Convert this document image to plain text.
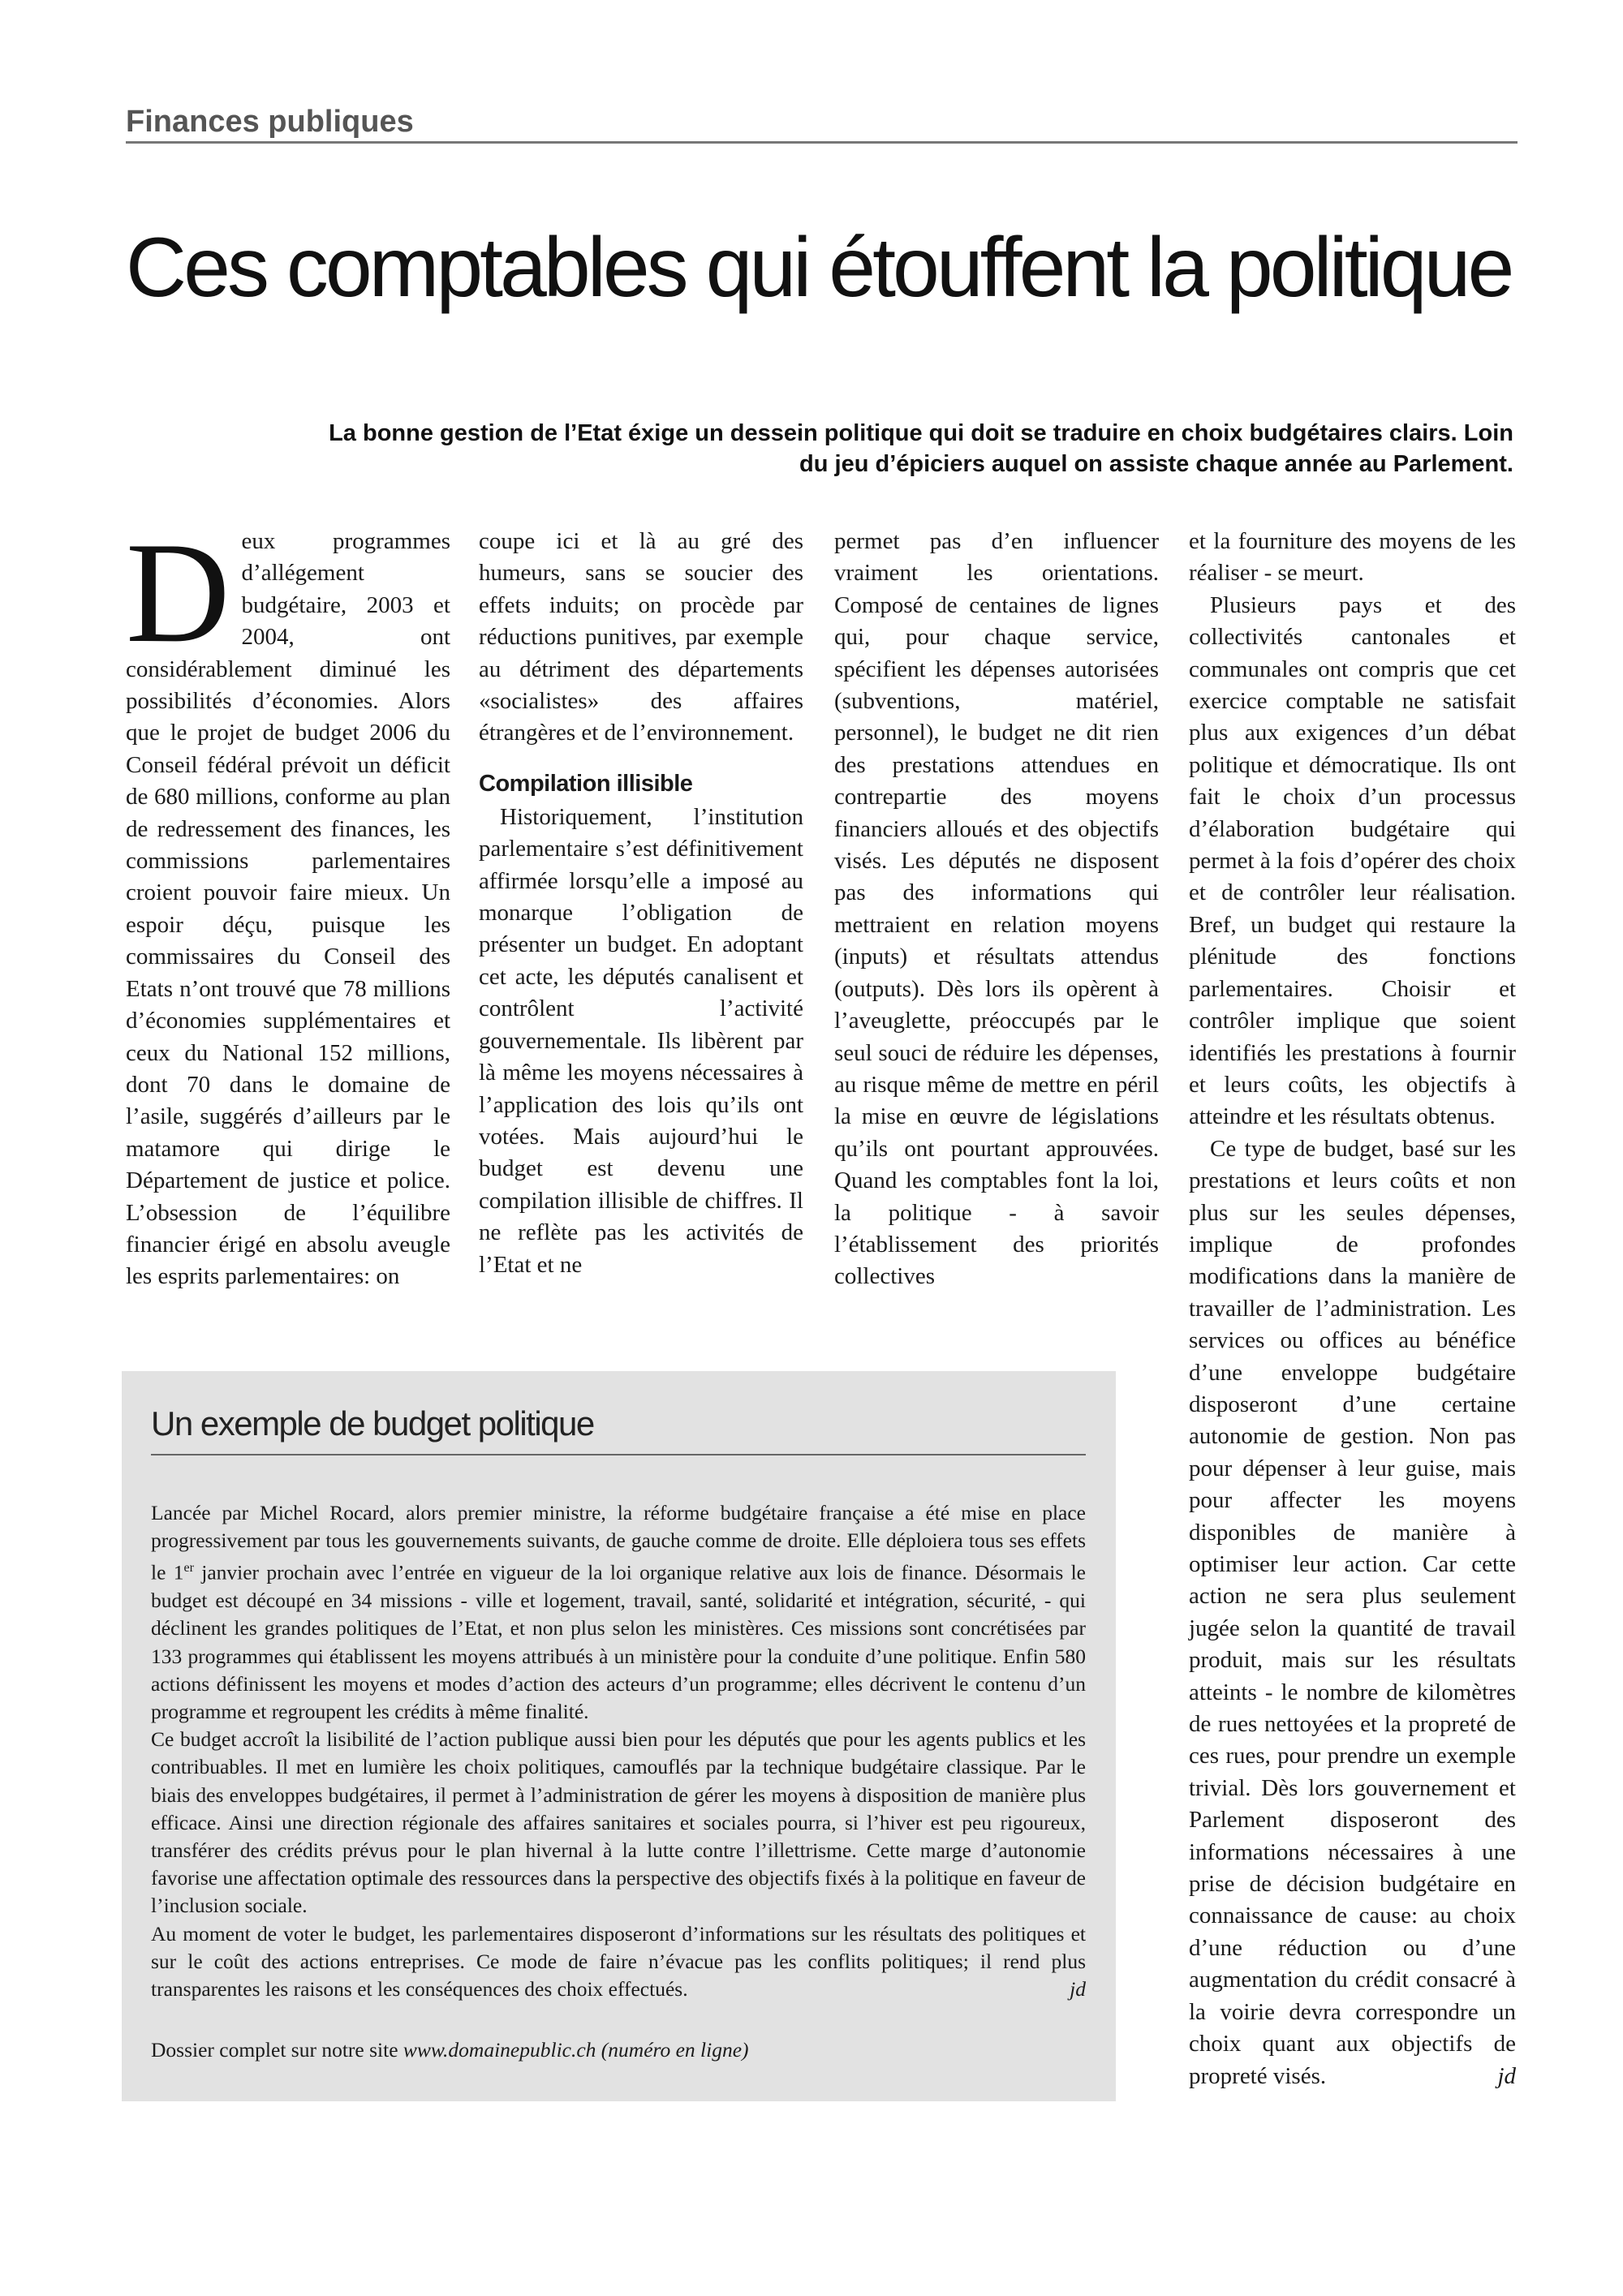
Finances publiques
Ces comptables qui étouffent la politique
La bonne gestion de l’Etat éxige un dessein politique qui doit se traduire en choix budgétaires clairs. Loin du jeu d’épiciers auquel on assiste chaque année au Parlement.

Deux programmes d’allégement budgétaire, 2003 et 2004, ont considérablement diminué les possibilités d’économies. Alors que le projet de budget 2006 du Conseil fédéral prévoit un déficit de 680 millions, conforme au plan de redressement des finances, les commissions parlementaires croient pouvoir faire mieux. Un espoir déçu, puisque les commissaires du Conseil des Etats n’ont trouvé que 78 millions d’économies supplémentaires et ceux du National 152 millions, dont 70 dans le domaine de l’asile, suggérés d’ailleurs par le matamore qui dirige le Département de justice et police. L’obsession de l’équilibre financier érigé en absolu aveugle les esprits parlementaires: on

coupe ici et là au gré des humeurs, sans se soucier des effets induits; on procède par réductions punitives, par exemple au détriment des départements «socialistes» des affaires étrangères et de l’environnement.

Compilation illisible

Historiquement, l’institution parlementaire s’est définitivement affirmée lorsqu’elle a imposé au monarque l’obligation de présenter un budget. En adoptant cet acte, les députés canalisent et contrôlent l’activité gouvernementale. Ils libèrent par là même les moyens nécessaires à l’application des lois qu’ils ont votées. Mais aujourd’hui le budget est devenu une compilation illisible de chiffres. Il ne reflète pas les activités de l’Etat et ne

permet pas d’en influencer vraiment les orientations. Composé de centaines de lignes qui, pour chaque service, spécifient les dépenses autorisées (subventions, matériel, personnel), le budget ne dit rien des prestations attendues en contrepartie des moyens financiers alloués et des objectifs visés. Les députés ne disposent pas des informations qui mettraient en relation moyens (inputs) et résultats attendus (outputs). Dès lors ils opèrent à l’aveuglette, préoccupés par le seul souci de réduire les dépenses, au risque même de mettre en péril la mise en œuvre de législations qu’ils ont pourtant approuvées. Quand les comptables font la loi, la politique - à savoir l’établissement des priorités collectives

et la fourniture des moyens de les réaliser - se meurt.

Plusieurs pays et des collectivités cantonales et communales ont compris que cet exercice comptable ne satisfait plus aux exigences d’un débat politique et démocratique. Ils ont fait le choix d’un processus d’élaboration budgétaire qui permet à la fois d’opérer des choix et de contrôler leur réalisation. Bref, un budget qui restaure la plénitude des fonctions parlementaires. Choisir et contrôler implique que soient identifiés les prestations à fournir et leurs coûts, les objectifs à atteindre et les résultats obtenus.

Ce type de budget, basé sur les prestations et leurs coûts et non plus sur les seules dépenses, implique de profondes modifications dans la manière de travailler de l’administration. Les services ou offices au bénéfice d’une enveloppe budgétaire disposeront d’une certaine autonomie de gestion. Non pas pour dépenser à leur guise, mais pour affecter les moyens disponibles de manière à optimiser leur action. Car cette action ne sera plus seulement jugée selon la quantité de travail produit, mais sur les résultats atteints - le nombre de kilomètres de rues nettoyées et la propreté de ces rues, pour prendre un exemple trivial. Dès lors gouvernement et Parlement disposeront des informations nécessaires à une prise de décision budgétaire en connaissance de cause: au choix d’une réduction ou d’une augmentation du crédit consacré à la voirie devra correspondre un choix quant aux objectifs de propreté visés.	jd

Un exemple de budget politique

Lancée par Michel Rocard, alors premier ministre, la réforme budgétaire française a été mise en place progressivement par tous les gouvernements suivants, de gauche comme de droite. Elle déploiera tous ses effets le 1er janvier prochain avec l’entrée en vigueur de la loi organique relative aux lois de finance. Désormais le budget est découpé en 34 missions - ville et logement, travail, santé, solidarité et intégration, sécurité, - qui déclinent les grandes politiques de l’Etat, et non plus selon les ministères. Ces missions sont concrétisées par 133 programmes qui établissent les moyens attribués à un ministère pour la conduite d’une politique. Enfin 580 actions définissent les moyens et modes d’action des acteurs d’un programme; elles décrivent le contenu d’un programme et regroupent les crédits à même finalité.

Ce budget accroît la lisibilité de l’action publique aussi bien pour les députés que pour les agents publics et les contribuables. Il met en lumière les choix politiques, camouflés par la technique budgétaire classique. Par le biais des enveloppes budgétaires, il permet à l’administration de gérer les moyens à disposition de manière plus efficace. Ainsi une direction régionale des affaires sanitaires et sociales pourra, si l’hiver est peu rigoureux, transférer des crédits prévus pour le plan hivernal à la lutte contre l’illettrisme. Cette marge d’autonomie favorise une affectation optimale des ressources dans la perspective des objectifs fixés à la politique en faveur de l’inclusion sociale.

Au moment de voter le budget, les parlementaires disposeront d’informations sur les résultats des politiques et sur le coût des actions entreprises. Ce mode de faire n’évacue pas les conflits politiques; il rend plus transparentes les raisons et les conséquences des choix effectués.	jd

Dossier complet sur notre site www.domainepublic.ch (numéro en ligne)
